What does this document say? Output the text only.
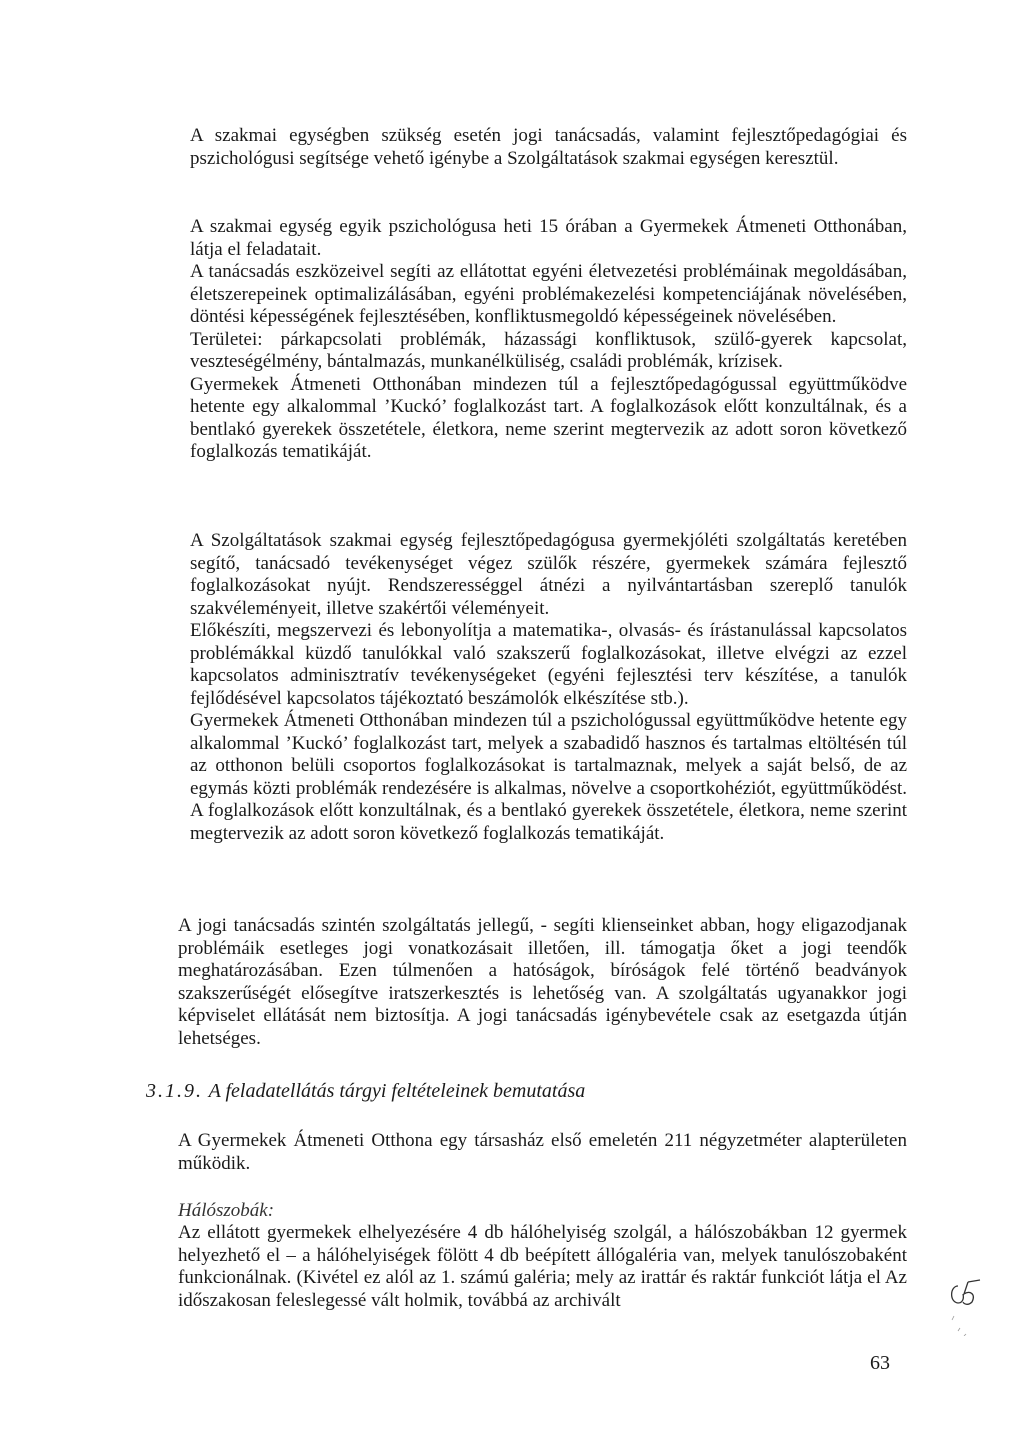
A szakmai egységben szükség esetén jogi tanácsadás, valamint fejlesztőpedagógiai és pszichológusi segítsége vehető igénybe a Szolgáltatások szakmai egységen keresztül.
A szakmai egység egyik pszichológusa heti 15 órában a Gyermekek Átmeneti Otthonában, látja el feladatait.
A tanácsadás eszközeivel segíti az ellátottat egyéni életvezetési problémáinak megoldásában, életszerepeinek optimalizálásában, egyéni problémakezelési kompetenciájának növelésében, döntési képességének fejlesztésében, konfliktusmegoldó képességeinek növelésében.
Területei: párkapcsolati problémák, házassági konfliktusok, szülő-gyerek kapcsolat, veszteségélmény, bántalmazás, munkanélküliség, családi problémák, krízisek.
Gyermekek Átmeneti Otthonában mindezen túl a fejlesztőpedagógussal együttműködve hetente egy alkalommal ’Kuckó’ foglalkozást tart. A foglalkozások előtt konzultálnak, és a bentlakó gyerekek összetétele, életkora, neme szerint megtervezik az adott soron következő foglalkozás tematikáját.
A Szolgáltatások szakmai egység fejlesztőpedagógusa gyermekjóléti szolgáltatás keretében segítő, tanácsadó tevékenységet végez szülők részére, gyermekek számára fejlesztő foglalkozásokat nyújt. Rendszerességgel átnézi a nyilvántartásban szereplő tanulók szakvéleményeit, illetve szakértői véleményeit.
Előkészíti, megszervezi és lebonyolítja a matematika-, olvasás- és írástanulással kapcsolatos problémákkal küzdő tanulókkal való szakszerű foglalkozásokat, illetve elvégzi az ezzel kapcsolatos adminisztratív tevékenységeket (egyéni fejlesztési terv készítése, a tanulók fejlődésével kapcsolatos tájékoztató beszámolók elkészítése stb.).
Gyermekek Átmeneti Otthonában mindezen túl a pszichológussal együttműködve hetente egy alkalommal ’Kuckó’ foglalkozást tart, melyek a szabadidő hasznos és tartalmas eltöltésén túl az otthonon belüli csoportos foglalkozásokat is tartalmaznak, melyek a saját belső, de az egymás közti problémák rendezésére is alkalmas, növelve a csoportkohéziót, együttműködést. A foglalkozások előtt konzultálnak, és a bentlakó gyerekek összetétele, életkora, neme szerint megtervezik az adott soron következő foglalkozás tematikáját.
A jogi tanácsadás szintén szolgáltatás jellegű, - segíti klienseinket abban, hogy eligazodjanak problémáik esetleges jogi vonatkozásait illetően, ill. támogatja őket a jogi teendők meghatározásában. Ezen túlmenően a hatóságok, bíróságok felé történő beadványok szakszerűségét elősegítve iratszerkesztés is lehetőség van. A szolgáltatás ugyanakkor jogi képviselet ellátását nem biztosítja. A jogi tanácsadás igénybevétele csak az esetgazda útján lehetséges.

3.1.9. A feladatellátás tárgyi feltételeinek bemutatása

A Gyermekek Átmeneti Otthona egy társasház első emeletén 211 négyzetméter alapterületen működik.

Hálószobák:

Az ellátott gyermekek elhelyezésére 4 db hálóhelyiség szolgál, a hálószobákban 12 gyermek helyezhető el – a hálóhelyiségek fölött 4 db beépített állógaléria van, melyek tanulószobaként funkcionálnak. (Kivétel ez alól az 1. számú galéria; mely az irattár és raktár funkciót látja el Az időszakosan feleslegessé vált holmik, továbbá az archivált

63
